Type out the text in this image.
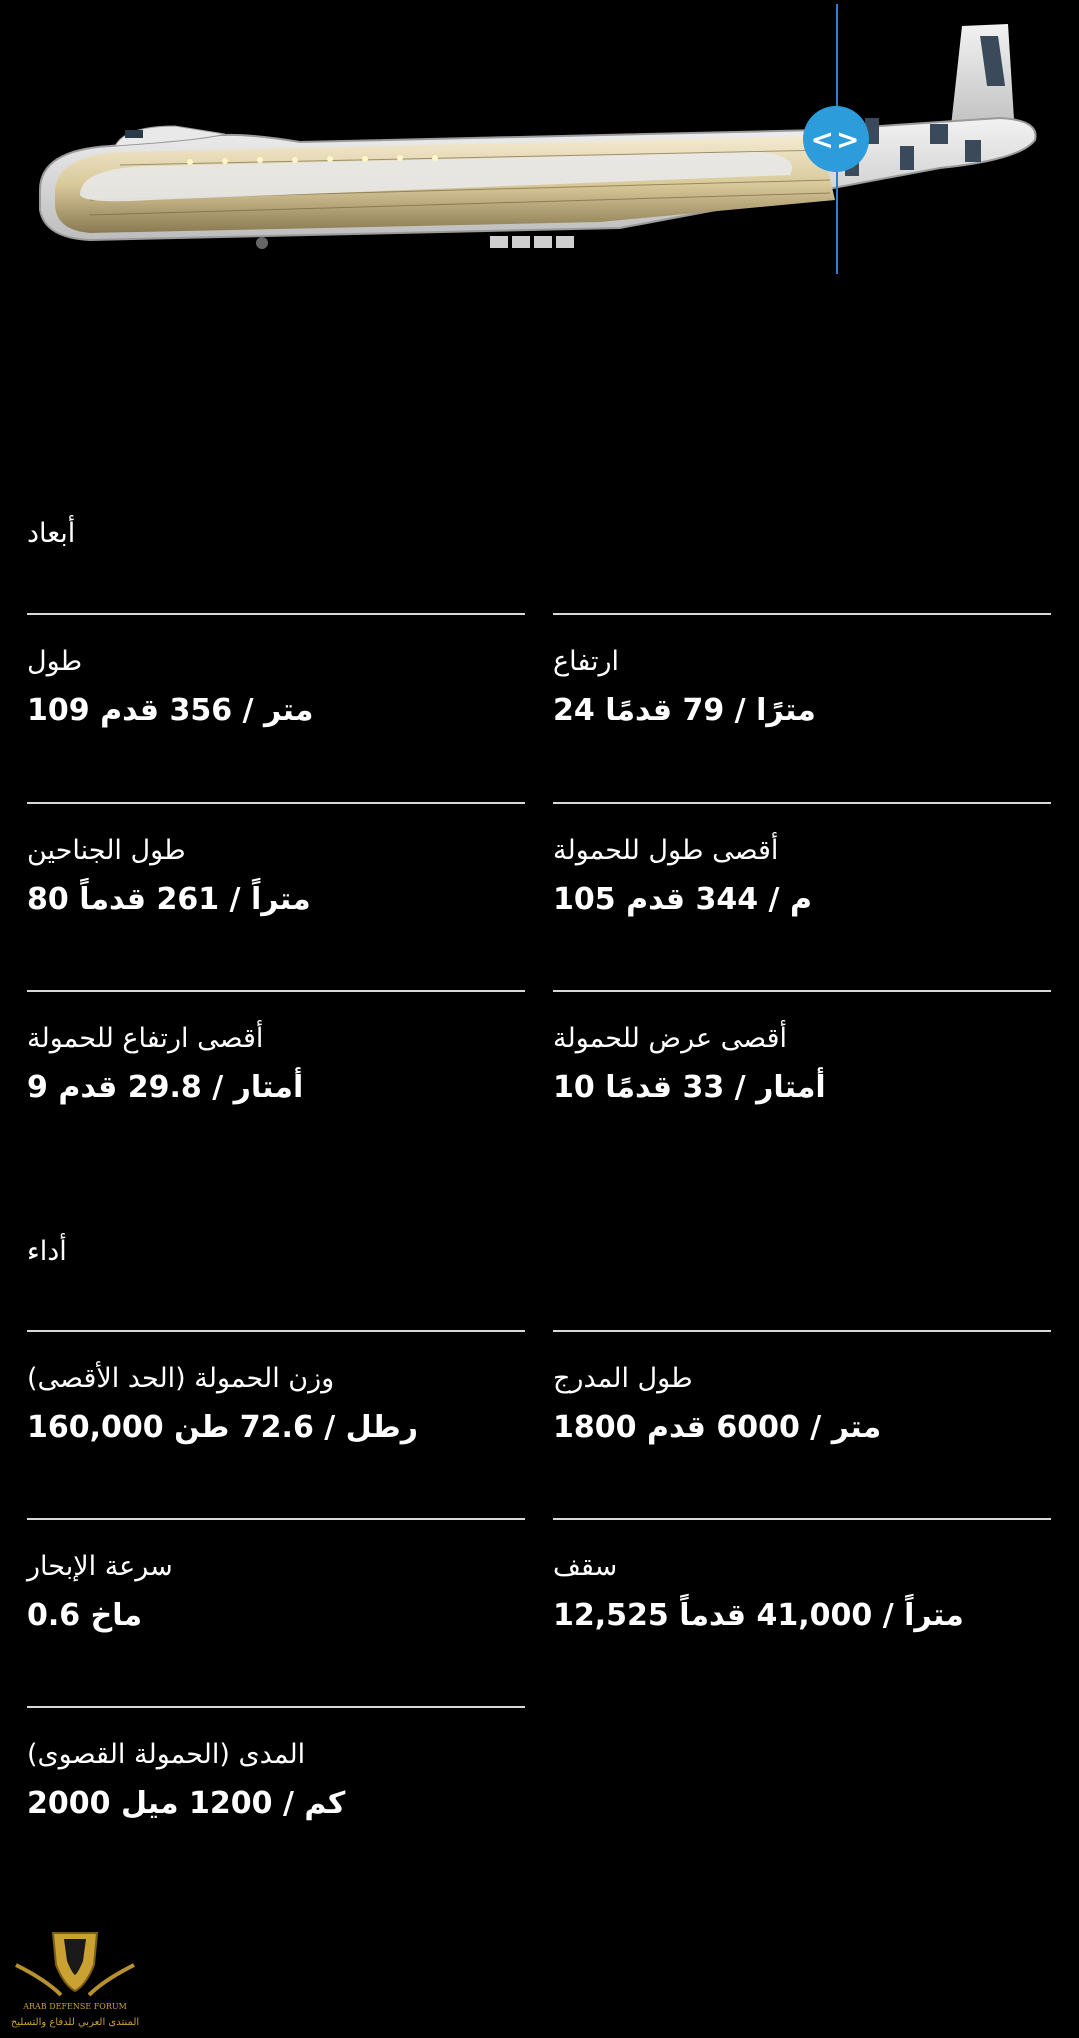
<>
أبعاد
طول
109 متر / 356 قدم
ارتفاع
24 مترًا / 79 قدمًا
طول الجناحين
80 متراً / 261 قدماً
أقصى طول للحمولة
105 م / 344 قدم
أقصى ارتفاع للحمولة
9 أمتار / 29.8 قدم
أقصى عرض للحمولة
10 أمتار / 33 قدمًا
أداء
وزن الحمولة (الحد الأقصى)
160,000 رطل / 72.6 طن
طول المدرج
1800 متر / 6000 قدم
سرعة الإبحار
ماخ 0.6
سقف
12,525 متراً / 41,000 قدماً
المدى (الحمولة القصوى)
2000 كم / 1200 ميل
ARAB DEFENSE FORUM
المنتدى العربي للدفاع والتسليح
